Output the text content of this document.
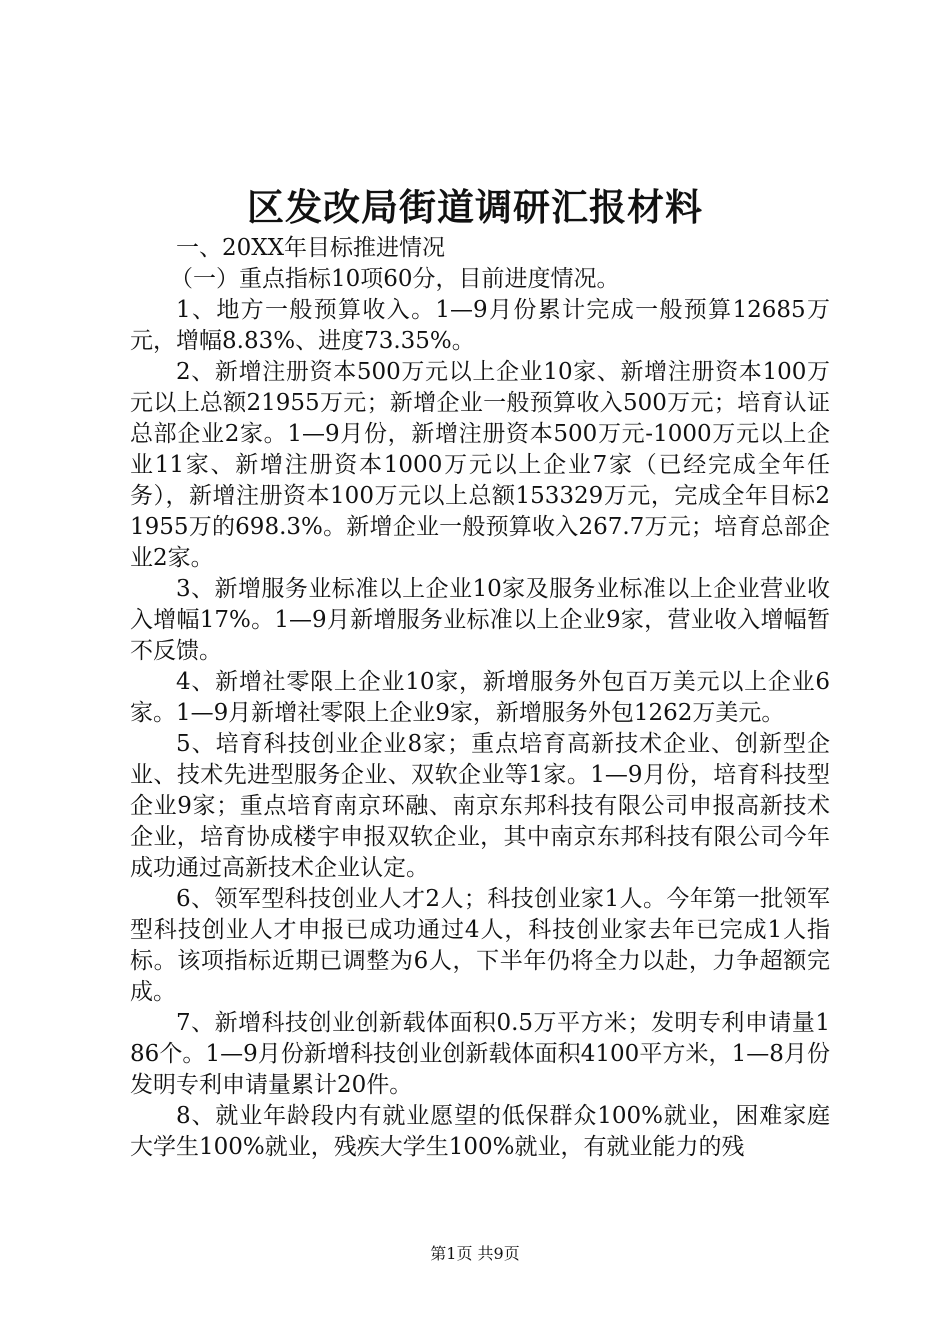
区发改局街道调研汇报材料

一、20XX年目标推进情况

（一）重点指标10项60分，目前进度情况。

1、地方一般预算收入。1—9月份累计完成一般预算12685万元，增幅8.83%、进度73.35%。

2、新增注册资本500万元以上企业10家、新增注册资本100万元以上总额21955万元；新增企业一般预算收入500万元；培育认证总部企业2家。1—9月份，新增注册资本500万元-1000万元以上企业11家、新增注册资本1000万元以上企业7家（已经完成全年任务），新增注册资本100万元以上总额153329万元，完成全年目标21955万的698.3%。新增企业一般预算收入267.7万元；培育总部企业2家。

3、新增服务业标准以上企业10家及服务业标准以上企业营业收入增幅17%。1—9月新增服务业标准以上企业9家，营业收入增幅暂不反馈。

4、新增社零限上企业10家，新增服务外包百万美元以上企业6家。1—9月新增社零限上企业9家，新增服务外包1262万美元。

5、培育科技创业企业8家；重点培育高新技术企业、创新型企业、技术先进型服务企业、双软企业等1家。1—9月份，培育科技型企业9家；重点培育南京环融、南京东邦科技有限公司申报高新技术企业，培育协成楼宇申报双软企业，其中南京东邦科技有限公司今年成功通过高新技术企业认定。

6、领军型科技创业人才2人；科技创业家1人。今年第一批领军型科技创业人才申报已成功通过4人，科技创业家去年已完成1人指标。该项指标近期已调整为6人，下半年仍将全力以赴，力争超额完成。

7、新增科技创业创新载体面积0.5万平方米；发明专利申请量186个。1—9月份新增科技创业创新载体面积4100平方米，1—8月份发明专利申请量累计20件。

8、就业年龄段内有就业愿望的低保群众100%就业，困难家庭大学生100%就业，残疾大学生100%就业，有就业能力的残

第1页 共9页
